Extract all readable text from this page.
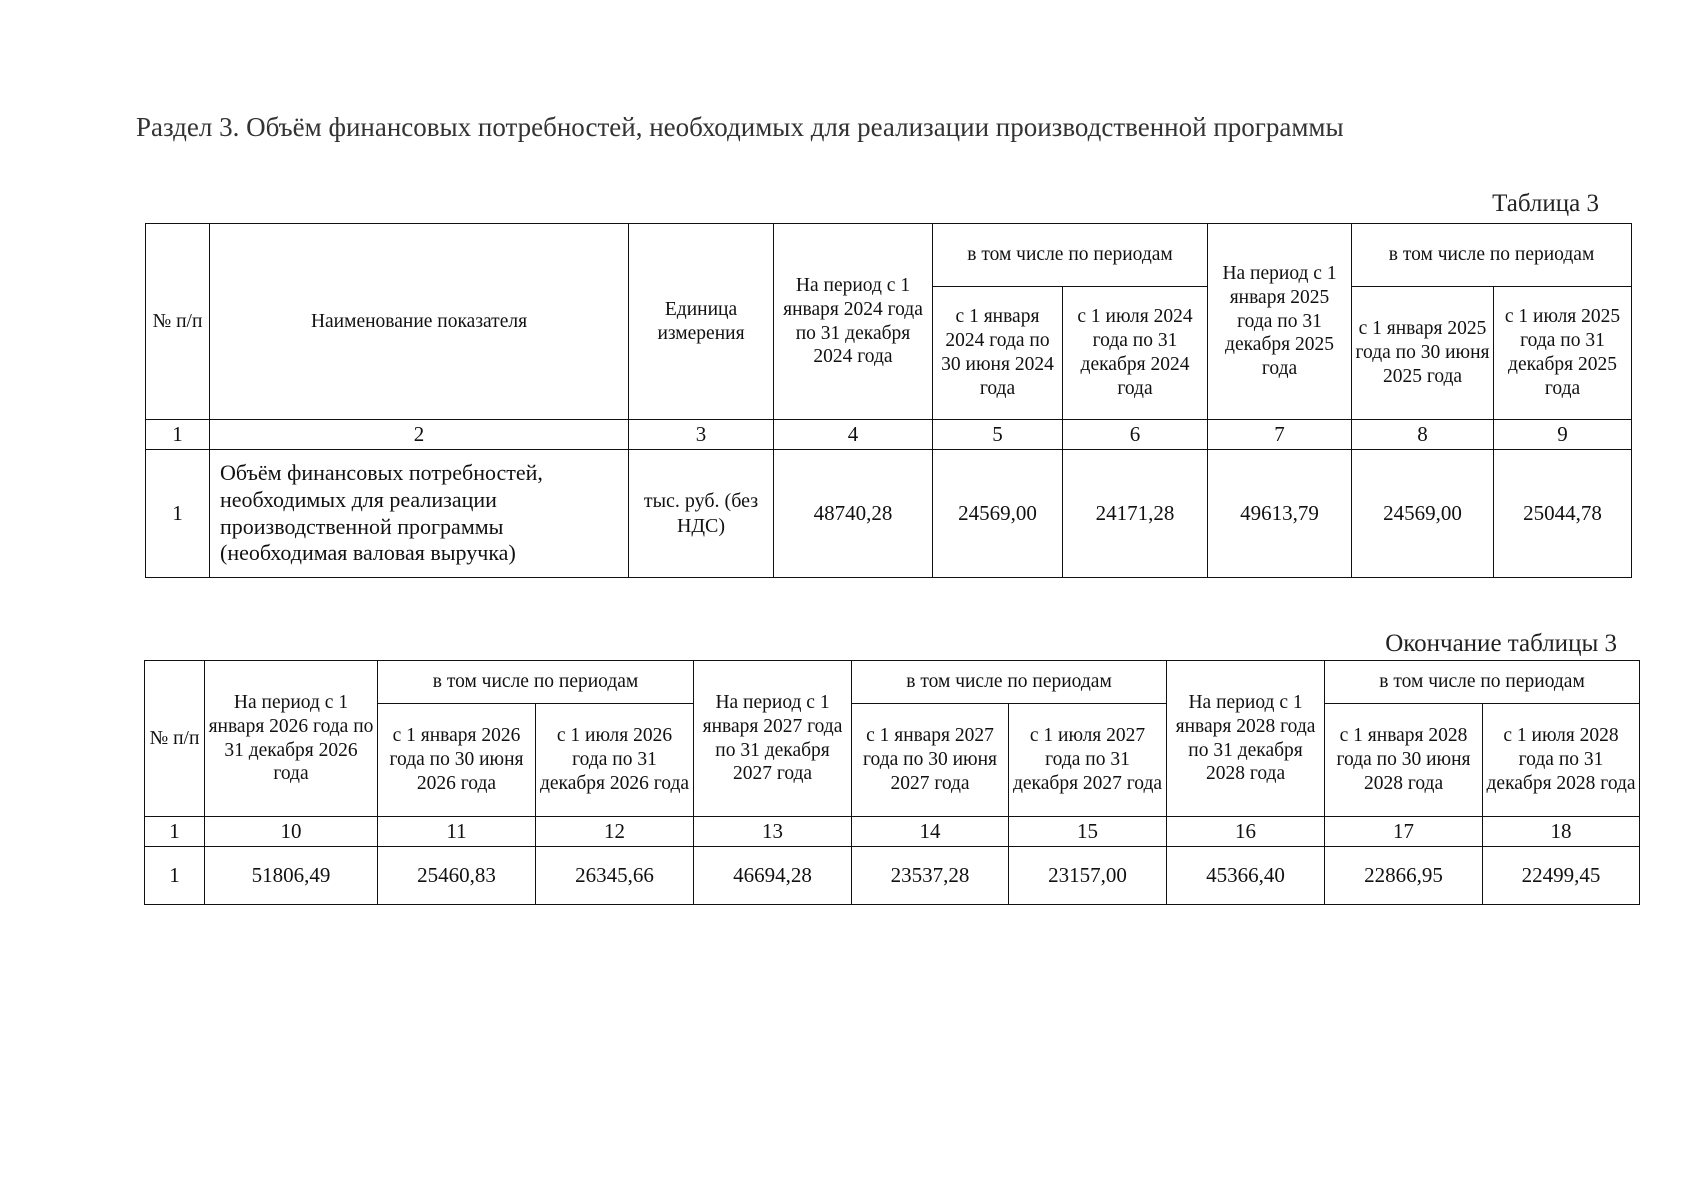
Раздел 3. Объём финансовых потребностей, необходимых для реализации производственной программы
Таблица 3
№ п/п	Наименование показателя	Единица измерения	На период с 1 января 2024 года по 31 декабря 2024 года	в том числе по периодам		На период с 1 января 2025 года по 31 декабря 2025 года	в том числе по периодам	
				с 1 января 2024 года по 30 июня 2024 года	с 1 июля 2024 года по 31 декабря 2024 года		с 1 января 2025 года по 30 июня 2025 года	с 1 июля 2025 года по 31 декабря 2025 года
1	2	3	4	5	6	7	8	9
1	Объём финансовых потребностей, необходимых для реализации производственной программы (необходимая валовая выручка)	тыс. руб. (без НДС)	48740,28	24569,00	24171,28	49613,79	24569,00	25044,78
Окончание таблицы 3
№ п/п	На период с 1 января 2026 года по 31 декабря 2026 года	в том числе по периодам		На период с 1 января 2027 года по 31 декабря 2027 года	в том числе по периодам		На период с 1 января 2028 года по 31 декабря 2028 года	в том числе по периодам	
		с 1 января 2026 года по 30 июня 2026 года	с 1 июля 2026 года по 31 декабря 2026 года		с 1 января 2027 года по 30 июня 2027 года	с 1 июля 2027 года по 31 декабря 2027 года		с 1 января 2028 года по 30 июня 2028 года	с 1 июля 2028 года по 31 декабря 2028 года
1	10	11	12	13	14	15	16	17	18
1	51806,49	25460,83	26345,66	46694,28	23537,28	23157,00	45366,40	22866,95	22499,45
